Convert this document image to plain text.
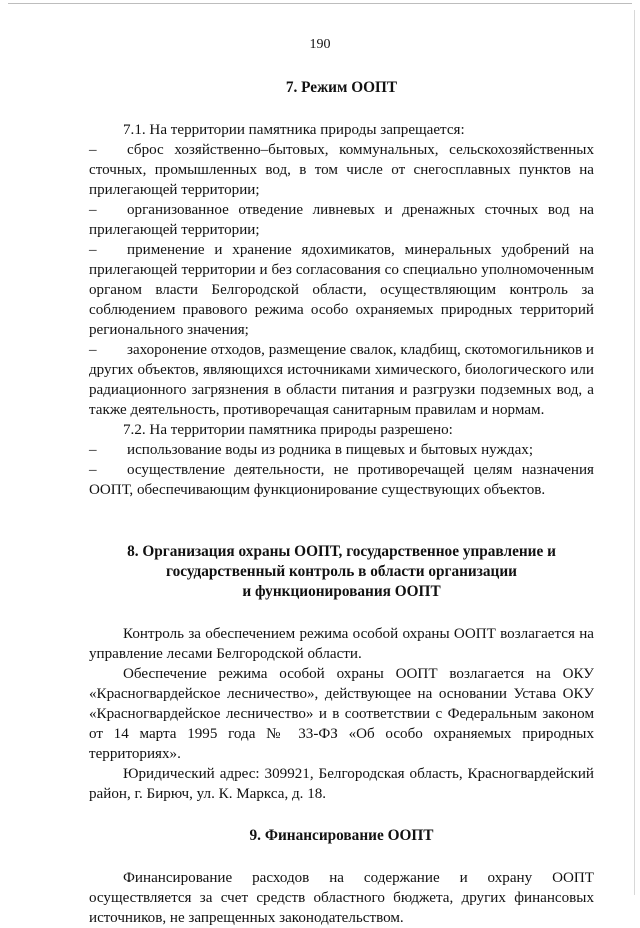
190
7. Режим ООПТ

7.1. На территории памятника природы запрещается:

– сброс хозяйственно–бытовых, коммунальных, сельскохозяйственных сточных, промышленных вод, в том числе от снегосплавных пунктов на прилегающей территории;
– организованное отведение ливневых и дренажных сточных вод на прилегающей территории;
– применение и хранение ядохимикатов, минеральных удобрений на прилегающей территории и без согласования со специально уполномоченным органом власти Белгородской области, осуществляющим контроль за соблюдением правового режима особо охраняемых природных территорий регионального значения;
– захоронение отходов, размещение свалок, кладбищ, скотомогильников и других объектов, являющихся источниками химического, биологического или радиационного загрязнения в области питания и разгрузки подземных вод, а также деятельность, противоречащая санитарным правилам и нормам.

7.2. На территории памятника природы разрешено:

– использование воды из родника в пищевых и бытовых нуждах;
– осуществление деятельности, не противоречащей целям назначения ООПТ, обеспечивающим функционирование существующих объектов.
8. Организация охраны ООПТ, государственное управление и
государственный контроль в области организации
и функционирования ООПТ

Контроль за обеспечением режима особой охраны ООПТ возлагается на управление лесами Белгородской области.

Обеспечение режима особой охраны ООПТ возлагается на ОКУ «Красногвардейское лесничество», действующее на основании Устава ОКУ «Красногвардейское лесничество» и в соответствии с Федеральным законом от 14 марта 1995 года № 33-ФЗ «Об особо охраняемых природных территориях».

Юридический адрес: 309921, Белгородская область, Красногвардейский район, г. Бирюч, ул. К. Маркса, д. 18.

9. Финансирование ООПТ

Финансирование расходов на содержание и охрану ООПТ осуществляется за счет средств областного бюджета, других финансовых источников, не запрещенных законодательством.
